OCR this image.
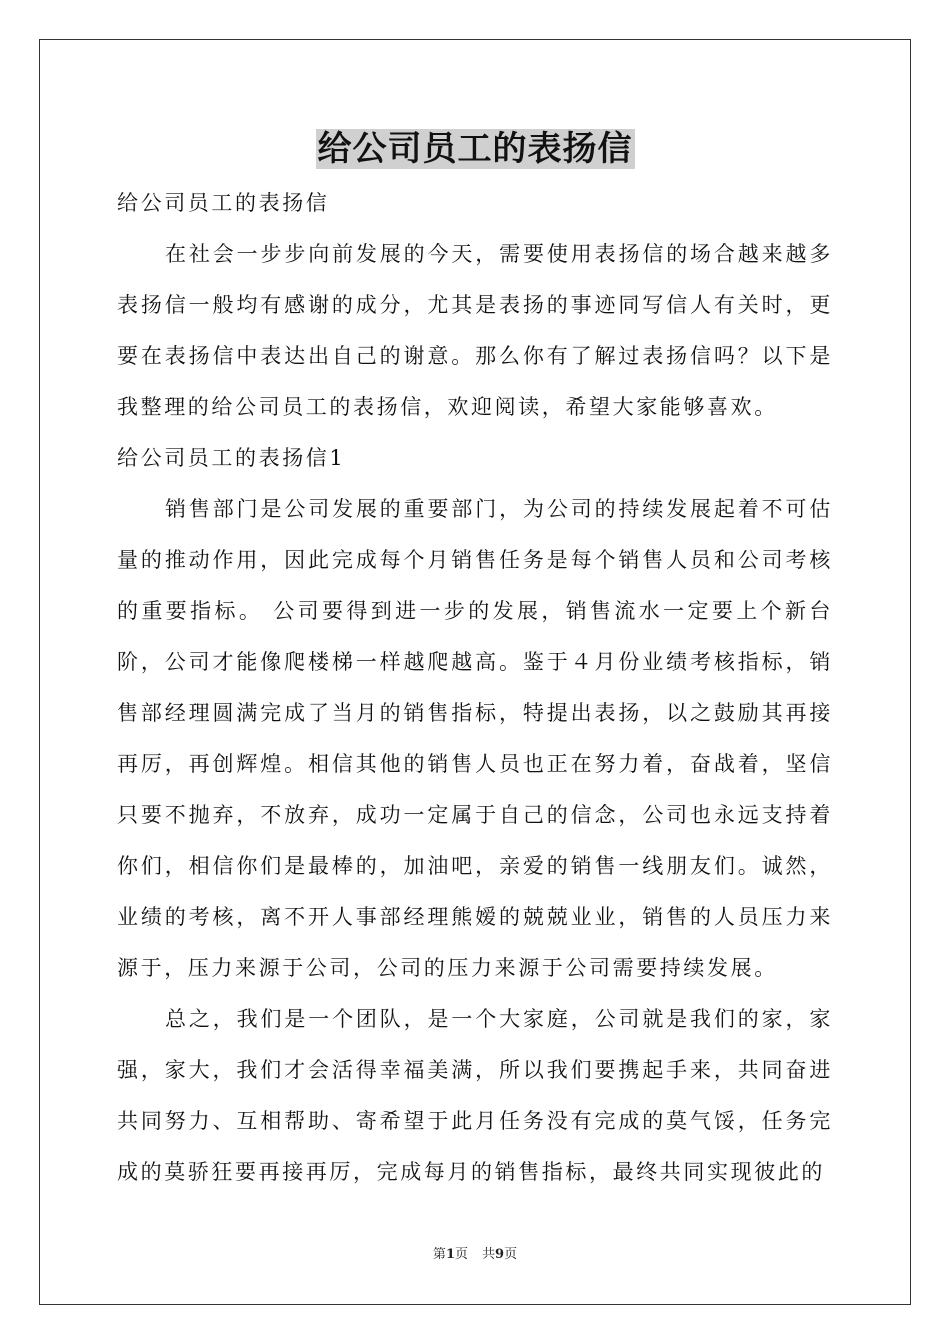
给公司员工的表扬信

给公司员工的表扬信

在社会一步步向前发展的今天，需要使用表扬信的场合越来越多表扬信一般均有感谢的成分，尤其是表扬的事迹同写信人有关时，更要在表扬信中表达出自己的谢意。那么你有了解过表扬信吗？以下是我整理的给公司员工的表扬信，欢迎阅读，希望大家能够喜欢。

给公司员工的表扬信1

销售部门是公司发展的重要部门，为公司的持续发展起着不可估量的推动作用，因此完成每个月销售任务是每个销售人员和公司考核的重要指标。 公司要得到进一步的发展，销售流水一定要上个新台阶，公司才能像爬楼梯一样越爬越高。鉴于４月份业绩考核指标，销售部经理圆满完成了当月的销售指标，特提出表扬，以之鼓励其再接再厉，再创辉煌。相信其他的销售人员也正在努力着，奋战着，坚信只要不抛弃，不放弃，成功一定属于自己的信念，公司也永远支持着你们，相信你们是最棒的，加油吧，亲爱的销售一线朋友们。诚然，业绩的考核，离不开人事部经理熊嫒的兢兢业业，销售的人员压力来源于，压力来源于公司，公司的压力来源于公司需要持续发展。

总之，我们是一个团队，是一个大家庭，公司就是我们的家，家强，家大，我们才会活得幸福美满，所以我们要携起手来，共同奋进共同努力、互相帮助、寄希望于此月任务没有完成的莫气馁，任务完成的莫骄狂要再接再厉，完成每月的销售指标，最终共同实现彼此的

第1页 共9页
